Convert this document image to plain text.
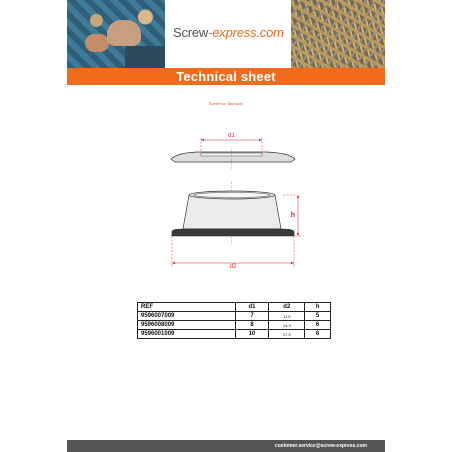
Screw-express.com
Technical sheet
Eyelet for Tarpaulin
d1
h
d2
REF	d1	d2	h
9596007009	7	11.5	5
9596008009	8	14.3	6
9596001009	10	17.5	6
customer.service@screw-express.com
